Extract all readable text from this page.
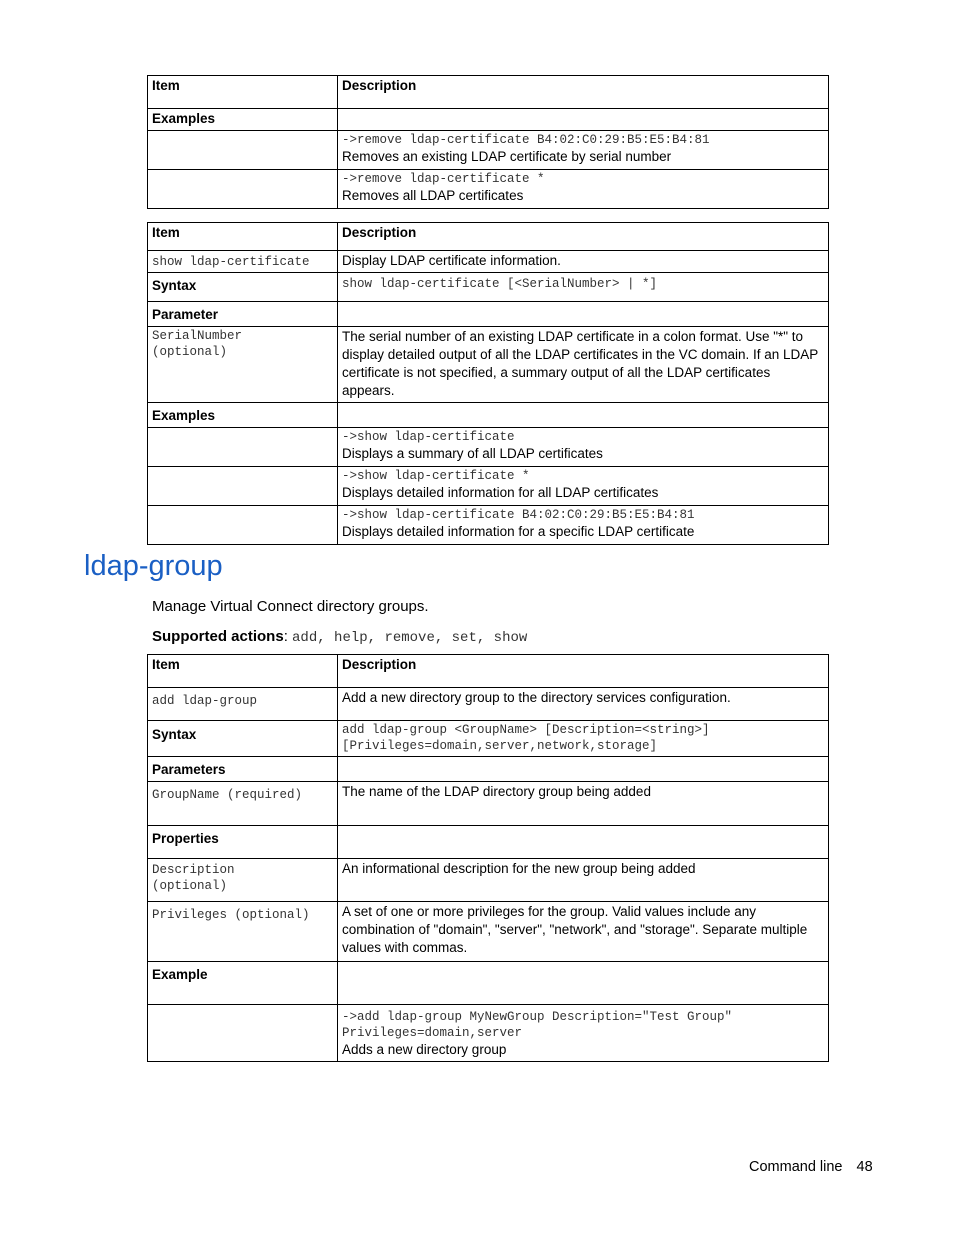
Item	Description
Examples	

	->remove ldap-certificate B4:02:C0:29:B5:E5:B4:81
Removes an existing LDAP certificate by serial number

	->remove ldap-certificate *
Removes all LDAP certificates
Item	Description
show ldap-certificate	Display LDAP certificate information.
Syntax	show ldap-certificate [<SerialNumber> | *]
Parameter	

SerialNumber
(optional)	The serial number of an existing LDAP certificate in a colon format. Use "*" to display detailed output of all the LDAP certificates in the VC domain. If an LDAP certificate is not specified, a summary output of all the LDAP certificates appears.
Examples	

	->show ldap-certificate
Displays a summary of all LDAP certificates

	->show ldap-certificate *
Displays detailed information for all LDAP certificates

	->show ldap-certificate B4:02:C0:29:B5:E5:B4:81
Displays detailed information for a specific LDAP certificate
ldap-group
Manage Virtual Connect directory groups.
Supported actions: add, help, remove, set, show
Item	Description
add ldap-group	Add a new directory group to the directory services configuration.
Syntax	add ldap-group <GroupName> [Description=<string>]
[Privileges=domain,server,network,storage]

Parameters	
GroupName (required)	The name of the LDAP directory group being added
Properties	

Description
(optional)	An informational description for the new group being added
Privileges (optional)	A set of one or more privileges for the group. Valid values include any combination of "domain", "server", "network", and "storage". Separate multiple values with commas.
Example	

	->add ldap-group MyNewGroup Description="Test Group"
Privileges=domain,server
Adds a new directory group
Command line 48
